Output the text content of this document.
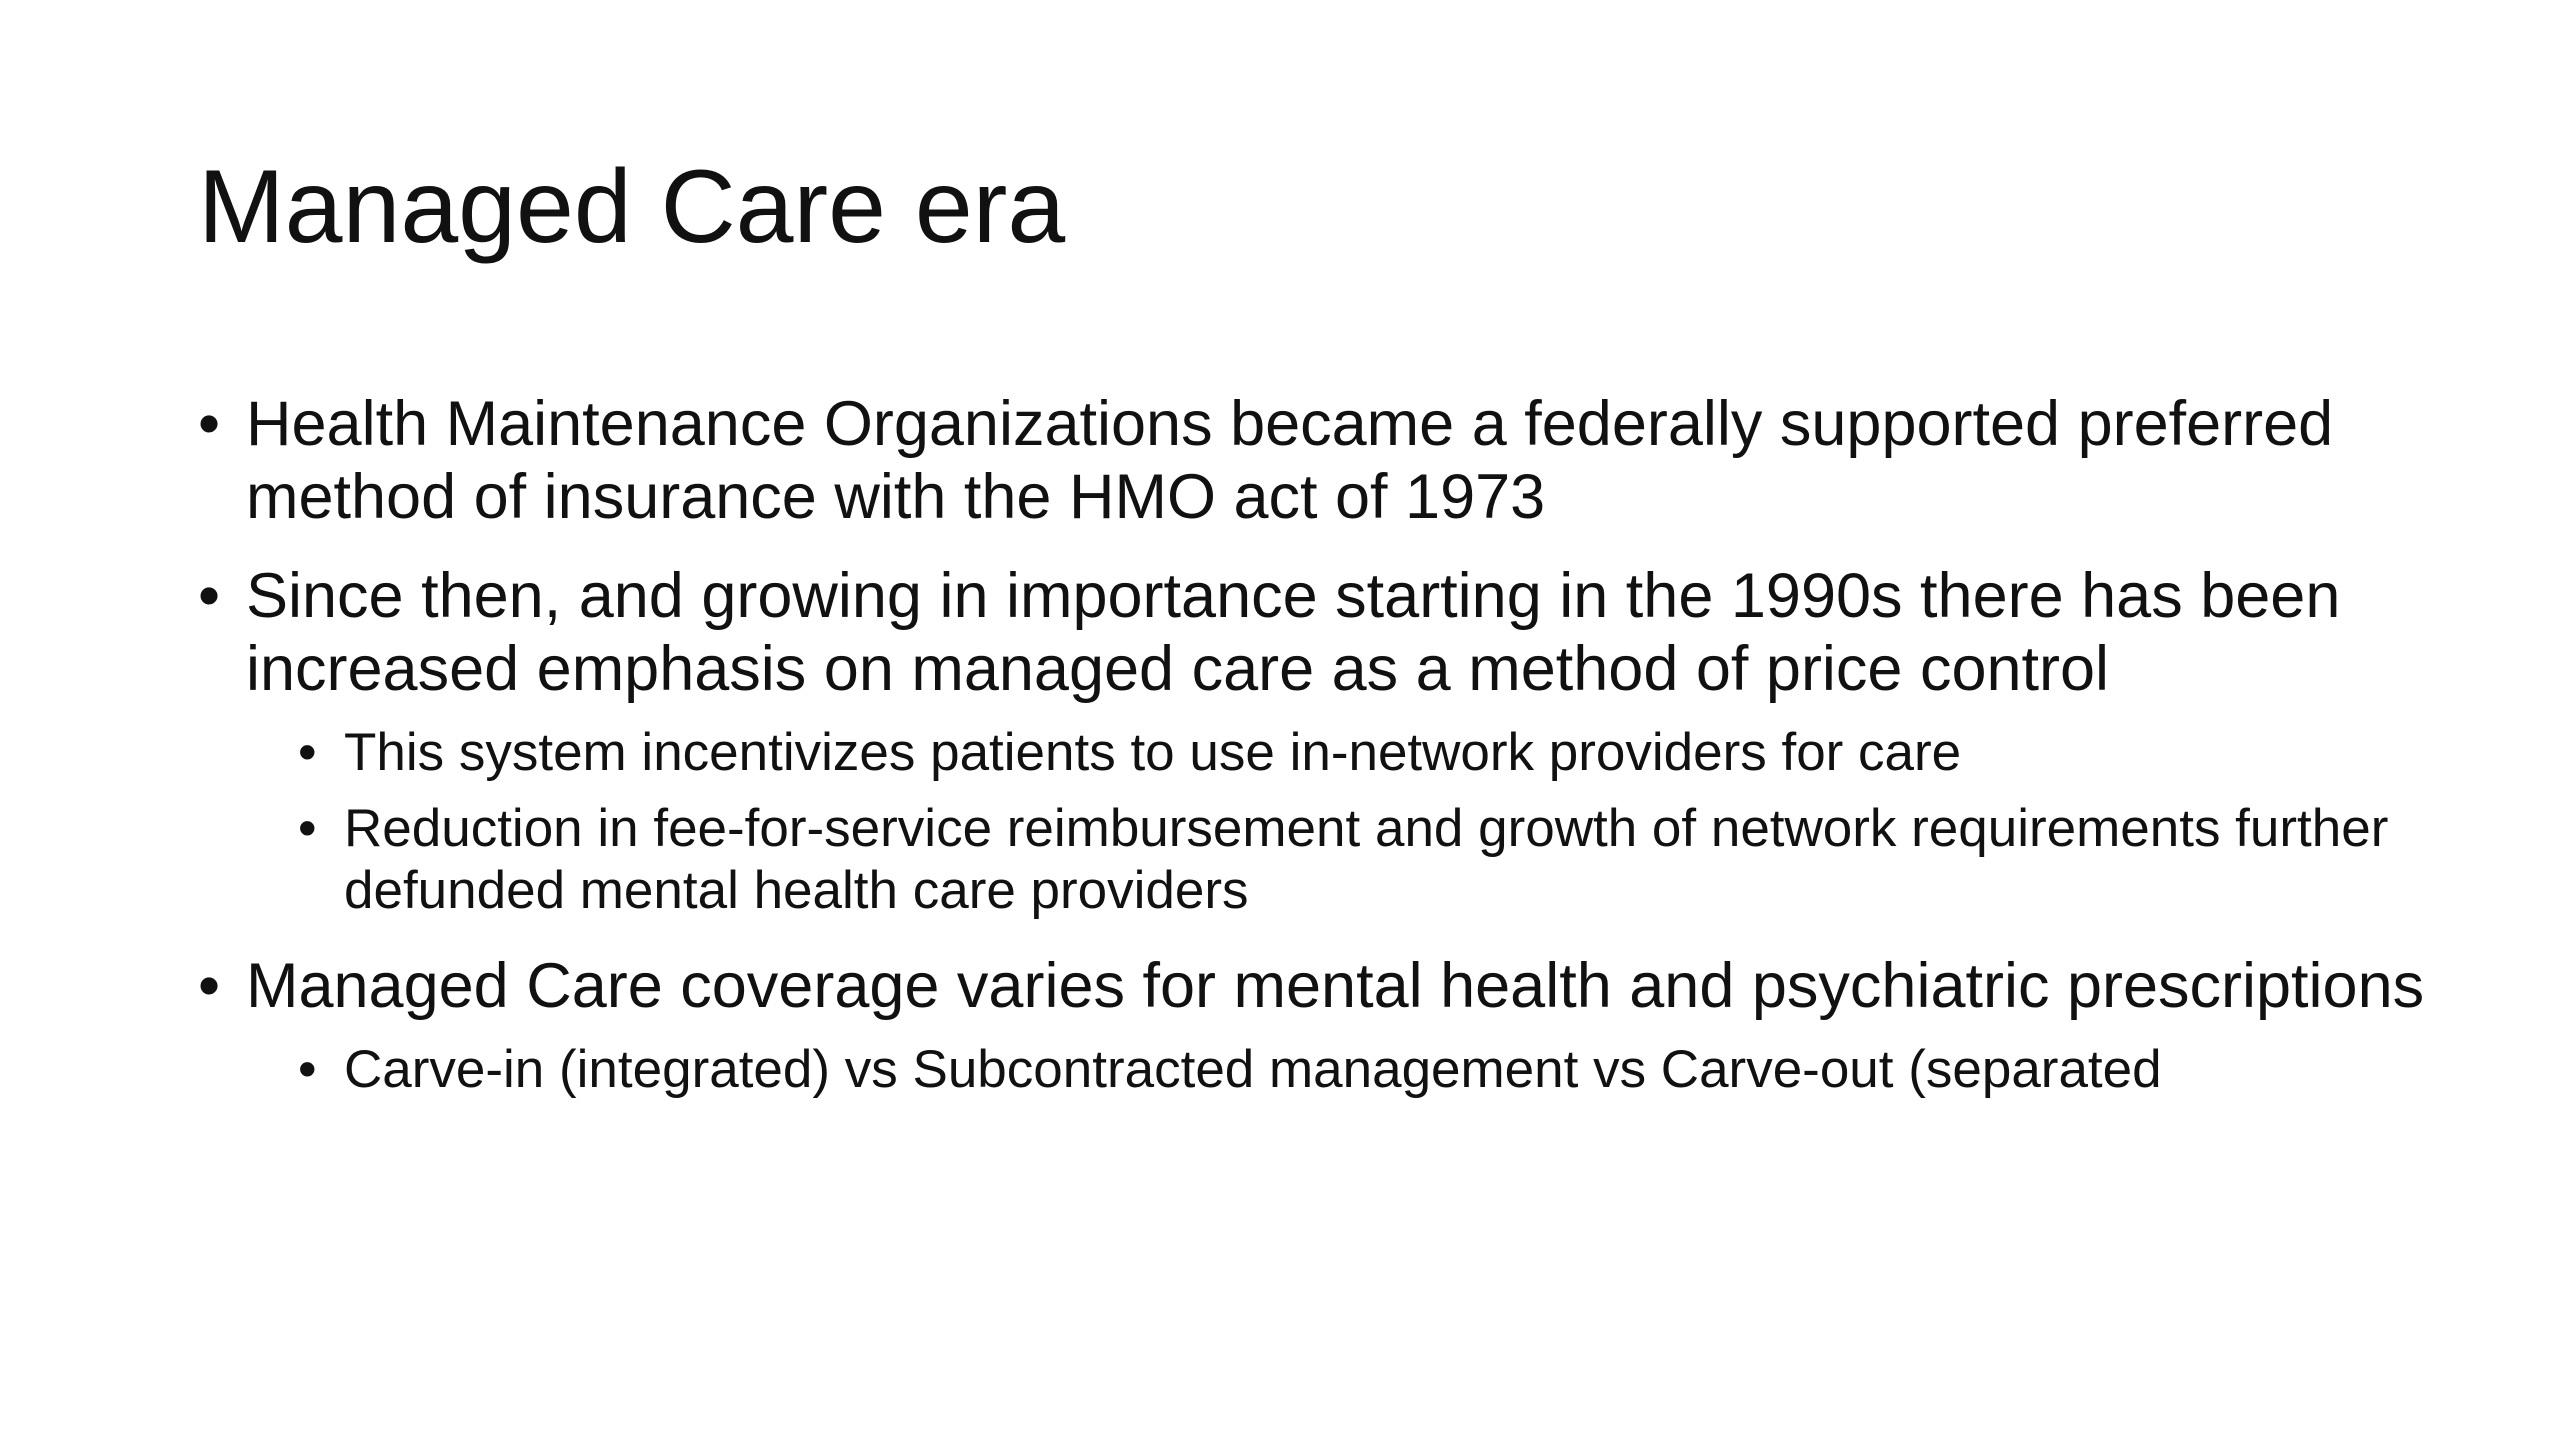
Managed Care era
• Health Maintenance Organizations became a federally supported preferred method of insurance with the HMO act of 1973
• Since then, and growing in importance starting in the 1990s there has been increased emphasis on managed care as a method of price control
• This system incentivizes patients to use in-network providers for care
• Reduction in fee-for-service reimbursement and growth of network requirements further defunded mental health care providers
• Managed Care coverage varies for mental health and psychiatric prescriptions
• Carve-in (integrated) vs Subcontracted management vs Carve-out (separated
